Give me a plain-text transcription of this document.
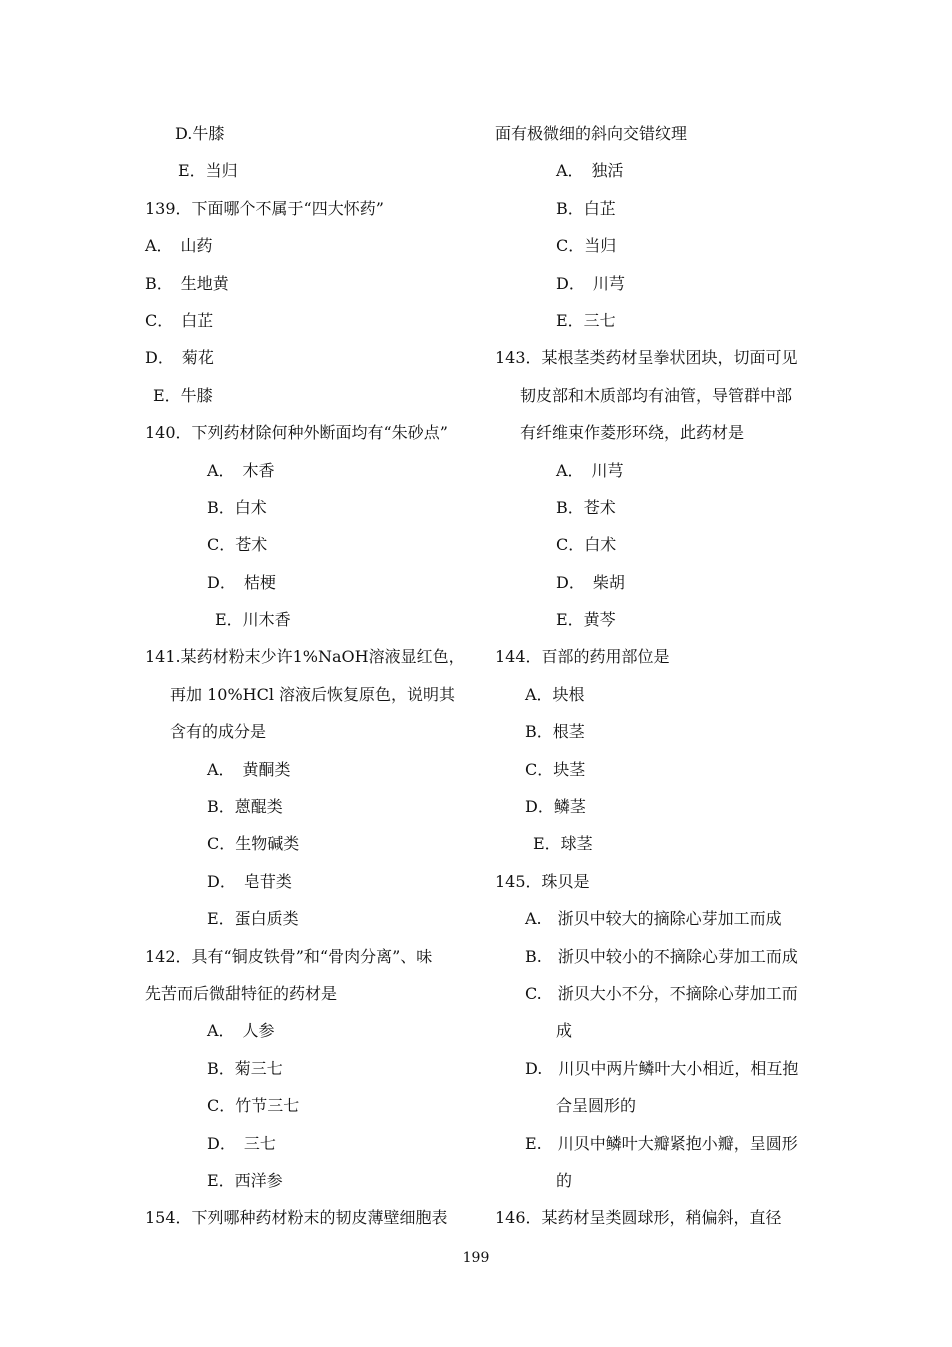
D.牛膝
E．当归
139．下面哪个不属于“四大怀药”
A．　山药
B．　生地黄
C．　白芷
D．　菊花
E．牛膝
140．下列药材除何种外断面均有“朱砂点”
A．　木香
B．白术
C．苍术
D．　桔梗
E．川木香
141.某药材粉末少许1%NaOH溶液显红色，
再加 10%HCl 溶液后恢复原色，说明其
含有的成分是
A．　黄酮类
B．蒽醌类
C．生物碱类
D．　皂苷类
E．蛋白质类
142．具有“铜皮铁骨”和“骨肉分离”、味
先苦而后微甜特征的药材是
A．　人参
B．菊三七
C．竹节三七
D．　三七
E．西洋参
154．下列哪种药材粉末的韧皮薄壁细胞表
面有极微细的斜向交错纹理
A．　独活
B．白芷
C．当归
D．　川芎
E．三七
143．某根茎类药材呈拳状团块，切面可见
韧皮部和木质部均有油管，导管群中部
有纤维束作菱形环绕，此药材是
A．　川芎
B．苍术
C．白术
D．　柴胡
E．黄芩
144．百部的药用部位是
A．块根
B．根茎
C．块茎
D．鳞茎
E．球茎
145．珠贝是
A.　浙贝中较大的摘除心芽加工而成
B.　浙贝中较小的不摘除心芽加工而成
C.　浙贝大小不分，不摘除心芽加工而
成
D.　川贝中两片鳞叶大小相近，相互抱
合呈圆形的
E.　川贝中鳞叶大瓣紧抱小瓣，呈圆形
的
146．某药材呈类圆球形，稍偏斜，直径
199
